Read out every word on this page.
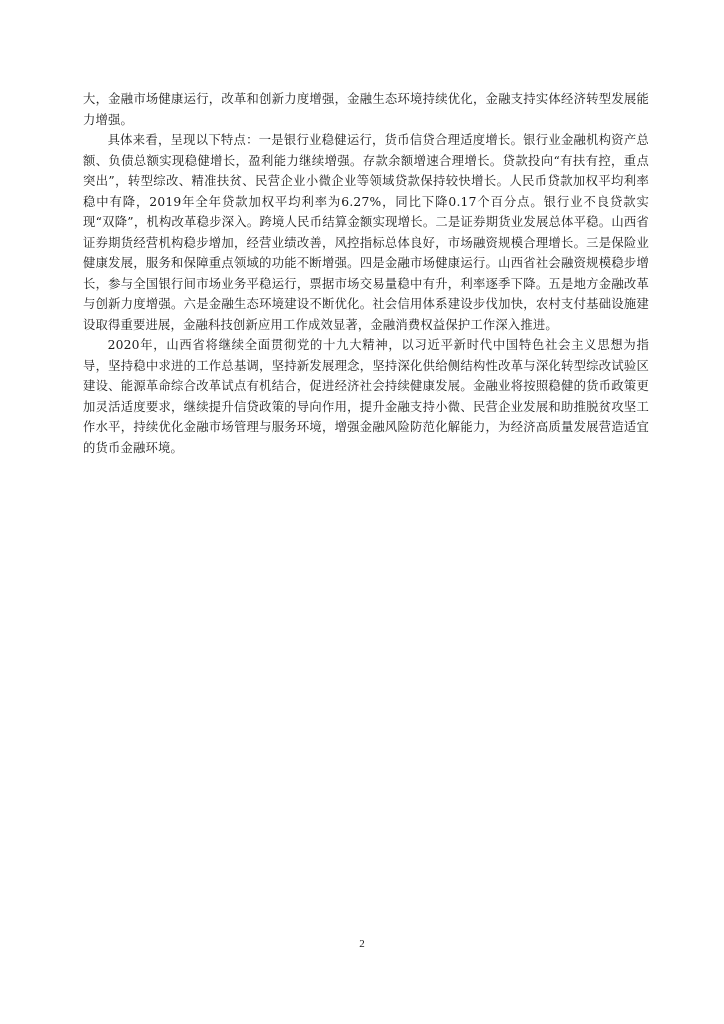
大，金融市场健康运行，改革和创新力度增强，金融生态环境持续优化，金融支持实体经济转型发展能力增强。

具体来看，呈现以下特点：一是银行业稳健运行，货币信贷合理适度增长。银行业金融机构资产总额、负债总额实现稳健增长，盈利能力继续增强。存款余额增速合理增长。贷款投向“有扶有控，重点突出”，转型综改、精准扶贫、民营企业小微企业等领域贷款保持较快增长。人民币贷款加权平均利率稳中有降，2019年全年贷款加权平均利率为6.27%，同比下降0.17个百分点。银行业不良贷款实现“双降”，机构改革稳步深入。跨境人民币结算金额实现增长。二是证券期货业发展总体平稳。山西省证券期货经营机构稳步增加，经营业绩改善，风控指标总体良好，市场融资规模合理增长。三是保险业健康发展，服务和保障重点领域的功能不断增强。四是金融市场健康运行。山西省社会融资规模稳步增长，参与全国银行间市场业务平稳运行，票据市场交易量稳中有升，利率逐季下降。五是地方金融改革与创新力度增强。六是金融生态环境建设不断优化。社会信用体系建设步伐加快，农村支付基础设施建设取得重要进展，金融科技创新应用工作成效显著，金融消费权益保护工作深入推进。

2020年，山西省将继续全面贯彻党的十九大精神，以习近平新时代中国特色社会主义思想为指导，坚持稳中求进的工作总基调，坚持新发展理念，坚持深化供给侧结构性改革与深化转型综改试验区建设、能源革命综合改革试点有机结合，促进经济社会持续健康发展。金融业将按照稳健的货币政策更加灵活适度要求，继续提升信贷政策的导向作用，提升金融支持小微、民营企业发展和助推脱贫攻坚工作水平，持续优化金融市场管理与服务环境，增强金融风险防范化解能力，为经济高质量发展营造适宜的货币金融环境。

2
